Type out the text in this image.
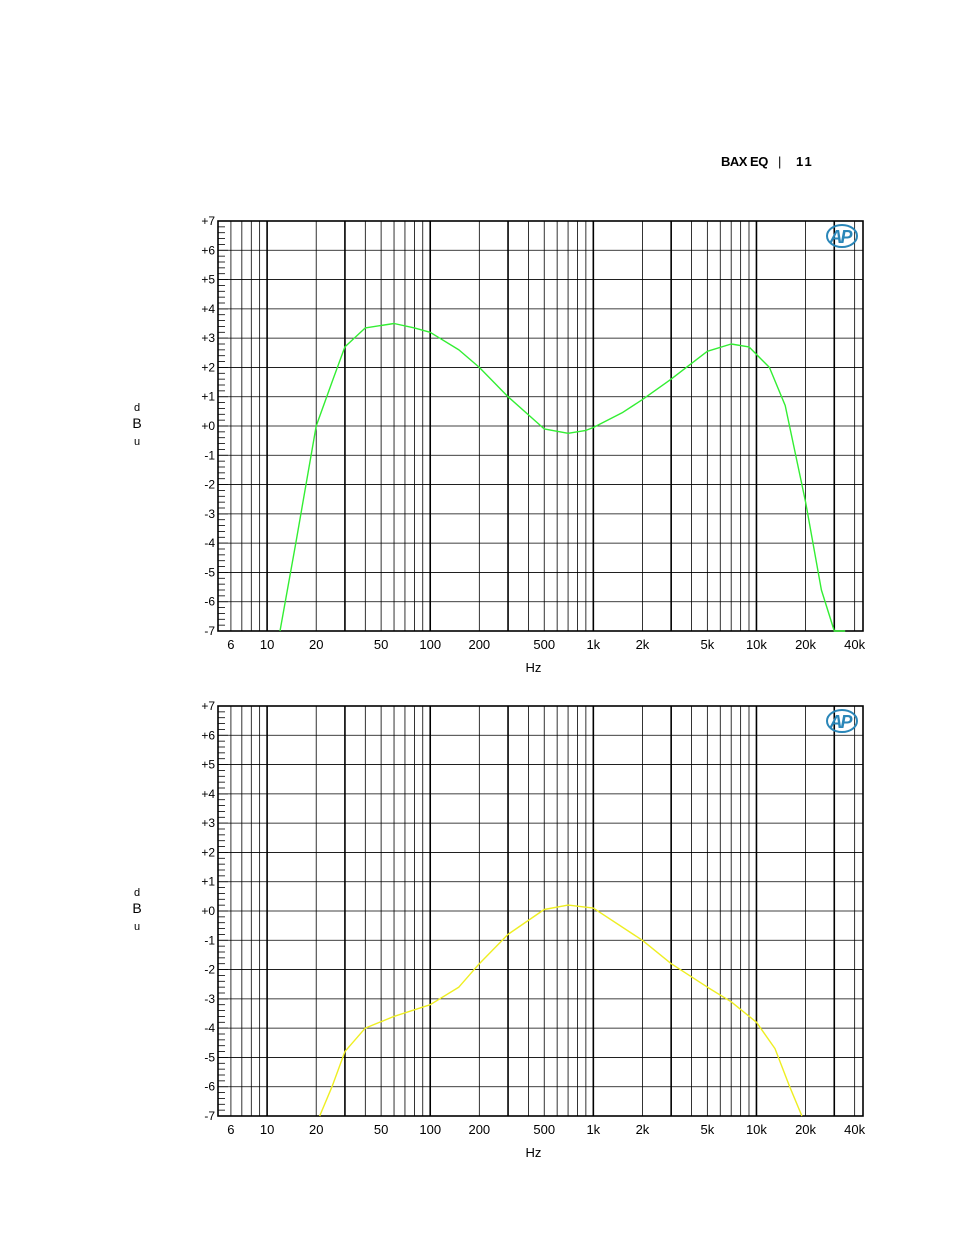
BAX EQ | 11
+7
+6
+5
+4
+3
+2
+1
+0
-1
-2
-3
-4
-5
-6
-7
6 10	20	50 100 200	500 1k	2k	5k 10k 20k 40k
Hz
d B u
AP
+7
+6
+5
+4
+3
+2
+1
+0
-1
-2
-3
-4
-5
-6
-7
6 10	20	50 100 200	500 1k	2k	5k 10k 20k 40k
Hz
d B u
AP
